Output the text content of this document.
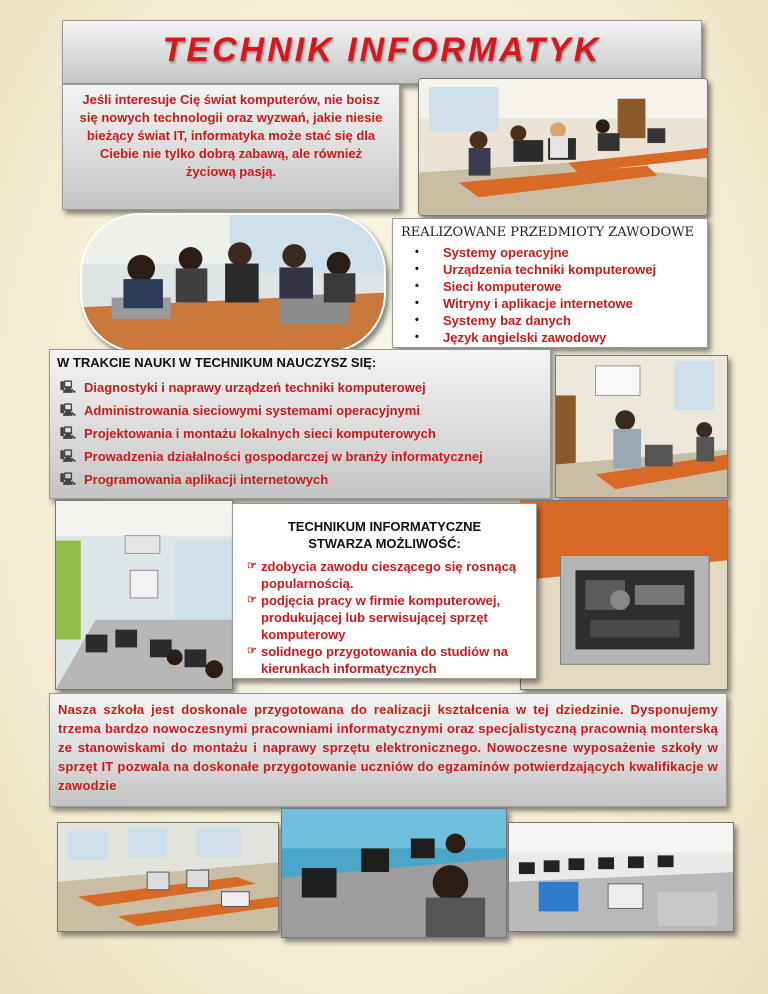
TECHNIK INFORMATYK
Jeśli interesuje Cię świat komputerów, nie boisz się nowych technologii oraz wyzwań, jakie niesie bieżący świat IT, informatyka może stać się dla Ciebie nie tylko dobrą zabawą, ale również życiową pasją.
REALIZOWANE PRZEDMIOTY ZAWODOWE
• Systemy operacyjne
• Urządzenia techniki komputerowej
• Sieci komputerowe
• Witryny i aplikacje internetowe
• Systemy baz danych
• Język angielski zawodowy
W TRAKCIE NAUKI W TECHNIKUM NAUCZYSZ SIĘ:
🖳 Diagnostyki i naprawy urządzeń techniki komputerowej
🖳 Administrowania sieciowymi systemami operacyjnymi
🖳 Projektowania i montażu lokalnych sieci komputerowych
🖳 Prowadzenia działalności gospodarczej w branży informatycznej
🖳 Programowania aplikacji internetowych
TECHNIKUM INFORMATYCZNE
STWARZA MOŻLIWOŚĆ:
☞ zdobycia zawodu cieszącego się rosnącą popularnością.
☞ podjęcia pracy w firmie komputerowej, produkującej lub serwisującej sprzęt komputerowy
☞ solidnego przygotowania do studiów na kierunkach informatycznych
Nasza szkoła jest doskonale przygotowana do realizacji kształcenia w tej dziedzinie. Dysponujemy trzema bardzo nowoczesnymi pracowniami informatycznymi oraz specjalistyczną pracownią monterską ze stanowiskami do montażu i naprawy sprzętu elektronicznego. Nowoczesne wyposażenie szkoły w sprzęt IT pozwala na doskonałe przygotowanie uczniów do egzaminów potwierdzających kwalifikacje w zawodzie
